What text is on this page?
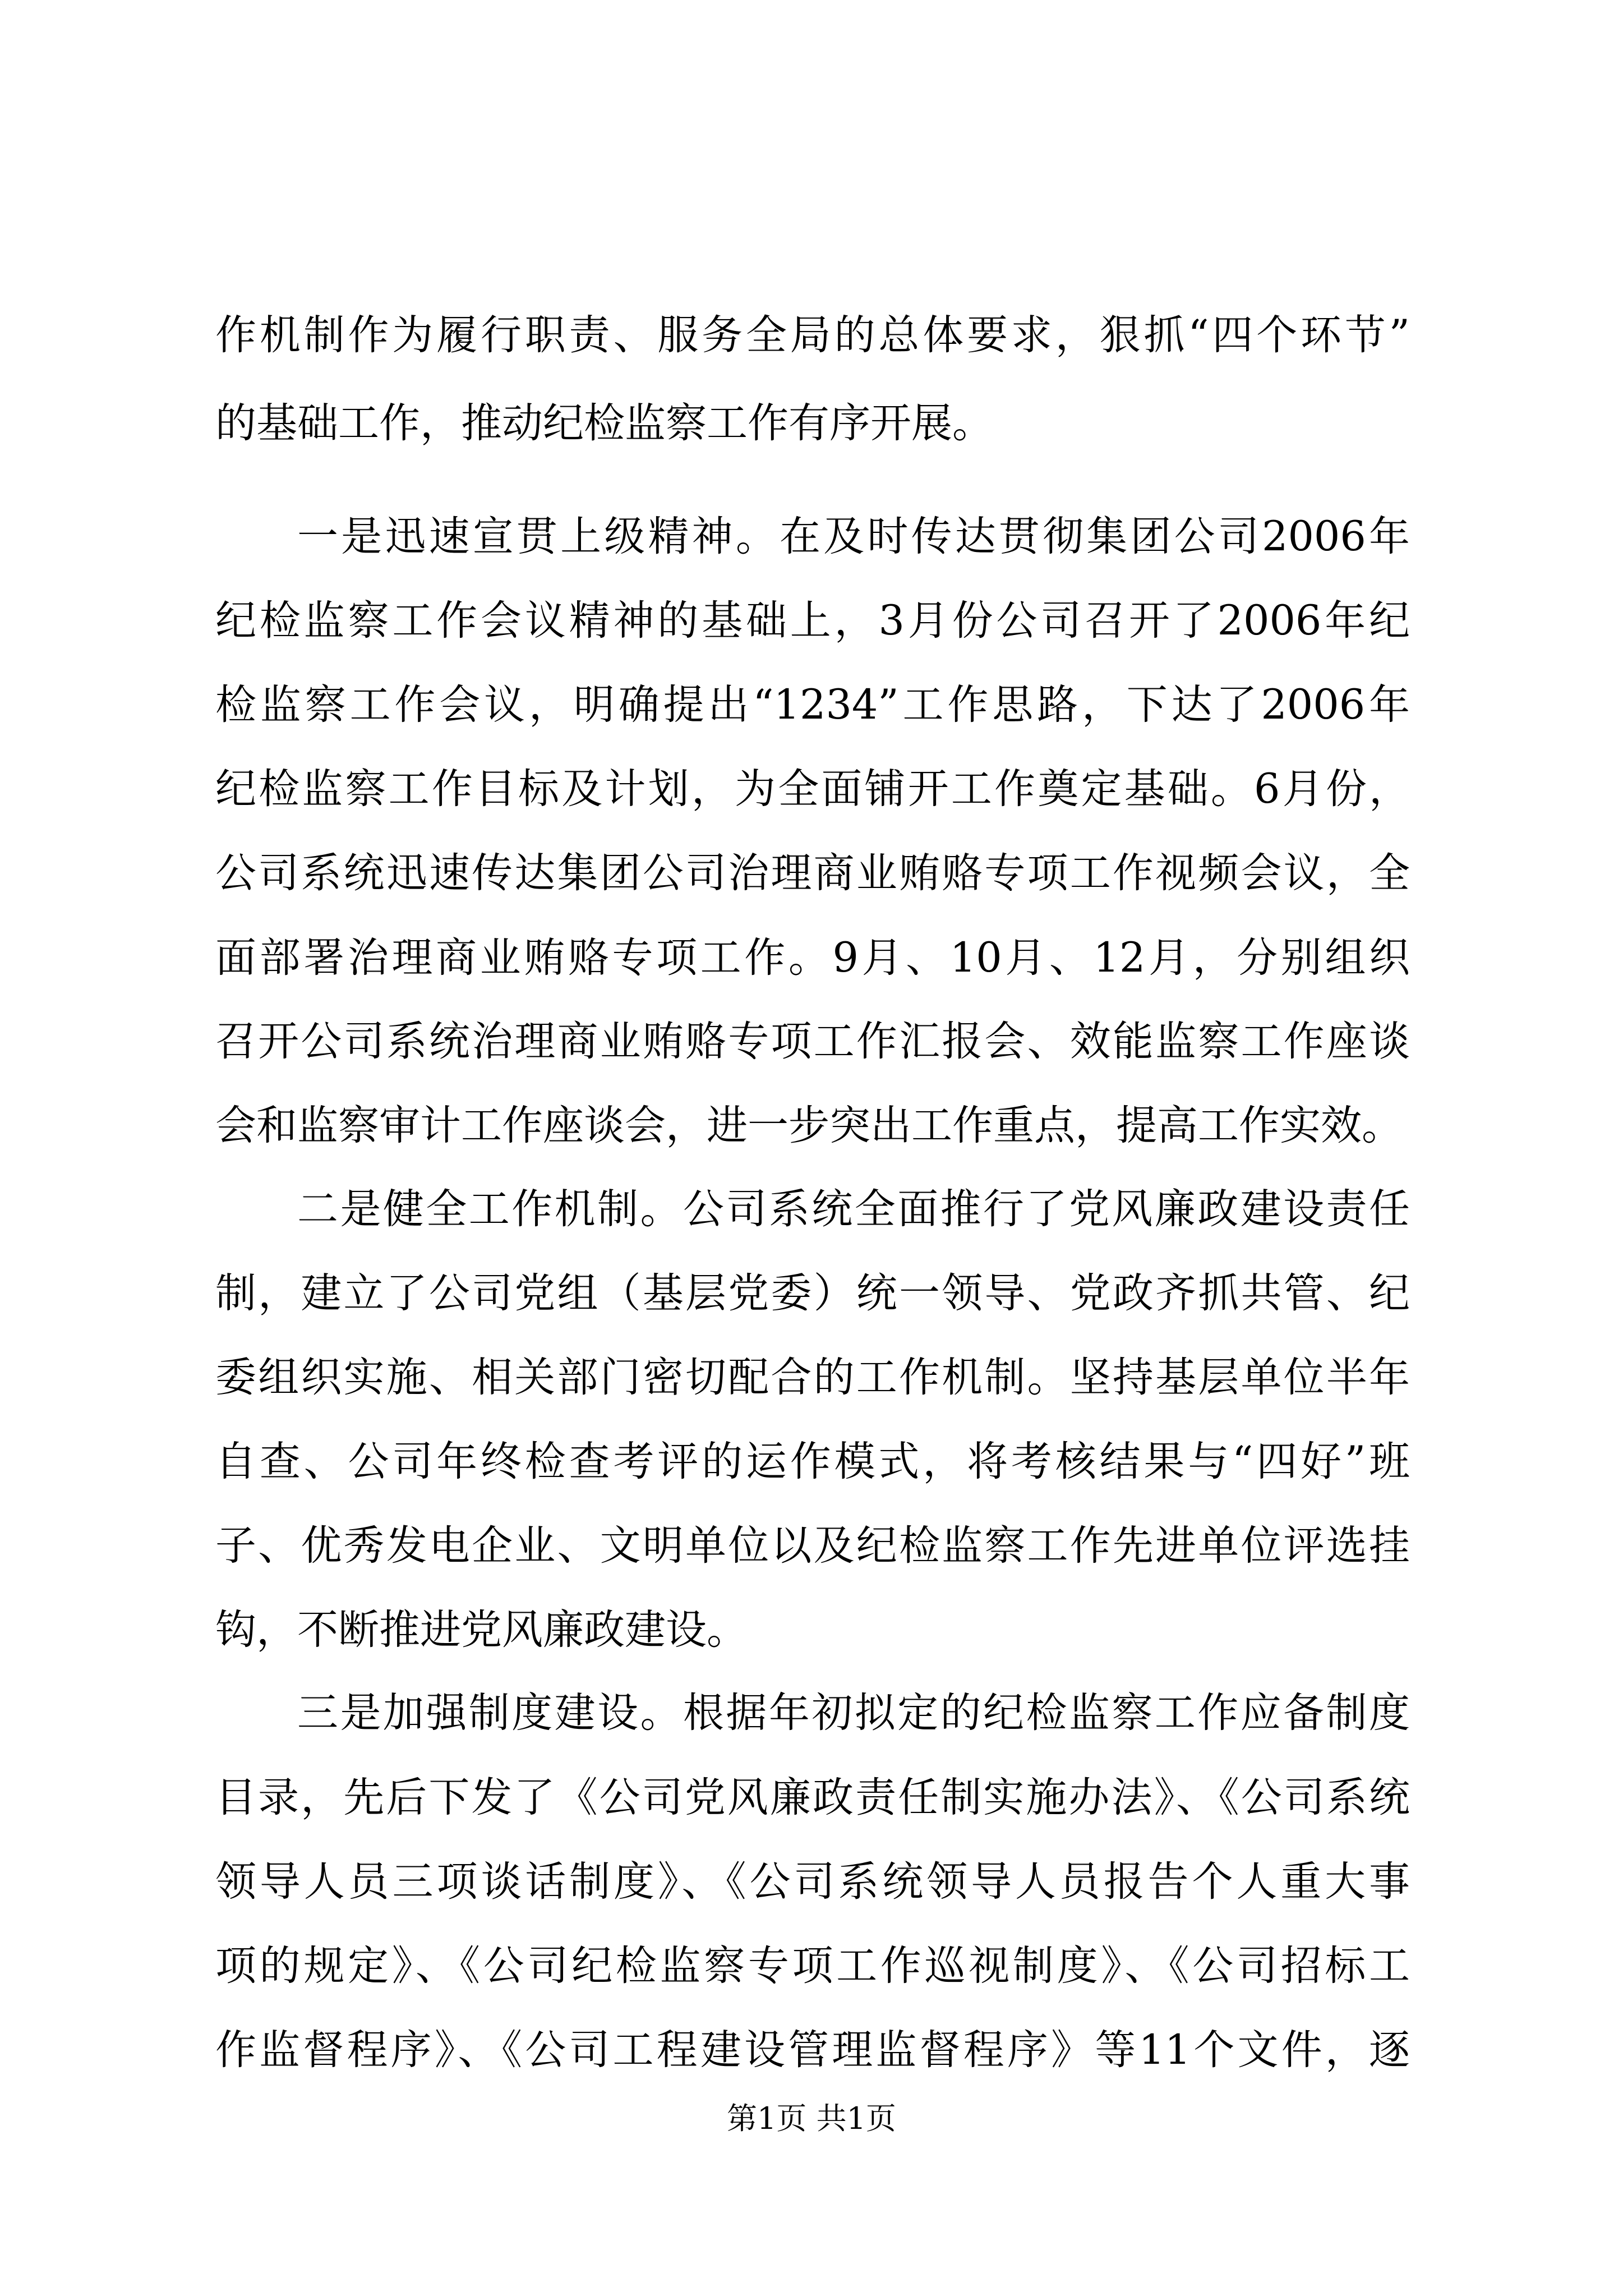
作机制作为履行职责、服务全局的总体要求，狠抓“四个环节”
的基础工作，推动纪检监察工作有序开展。
一是迅速宣贯上级精神。在及时传达贯彻集团公司2006年
纪检监察工作会议精神的基础上，3月份公司召开了2006年纪
检监察工作会议，明确提出“1234”工作思路，下达了2006年
纪检监察工作目标及计划，为全面铺开工作奠定基础。6月份，
公司系统迅速传达集团公司治理商业贿赂专项工作视频会议，全
面部署治理商业贿赂专项工作。9月、10月、12月，分别组织
召开公司系统治理商业贿赂专项工作汇报会、效能监察工作座谈
会和监察审计工作座谈会，进一步突出工作重点，提高工作实效。
二是健全工作机制。公司系统全面推行了党风廉政建设责任
制，建立了公司党组（基层党委）统一领导、党政齐抓共管、纪
委组织实施、相关部门密切配合的工作机制。坚持基层单位半年
自查、公司年终检查考评的运作模式，将考核结果与“四好”班
子、优秀发电企业、文明单位以及纪检监察工作先进单位评选挂
钩，不断推进党风廉政建设。
三是加强制度建设。根据年初拟定的纪检监察工作应备制度
目录，先后下发了《公司党风廉政责任制实施办法》、《公司系统
领导人员三项谈话制度》、《公司系统领导人员报告个人重大事
项的规定》、《公司纪检监察专项工作巡视制度》、《公司招标工
作监督程序》、《公司工程建设管理监督程序》等11个文件，逐
第1页 共1页
